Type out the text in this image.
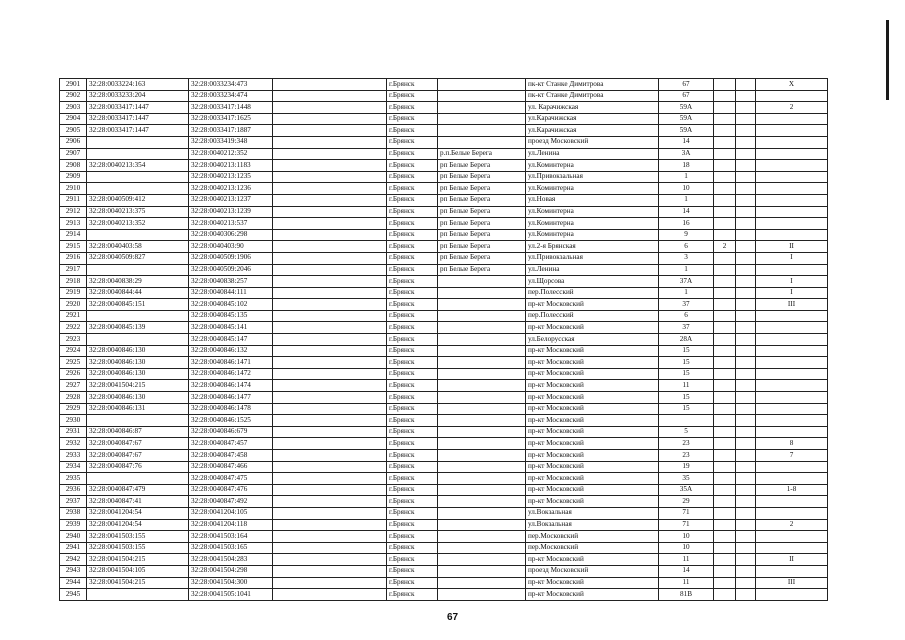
2901	32:28:0033224:163	32:28:0033234:473		г.Брянск		пк-кт Станке Димитрова	67			X
2902	32:28:0033233:204	32:28:0033234:474		г.Брянск		пк-кт Станке Димитрова	67			
2903	32:28:0033417:1447	32:28:0033417:1448		г.Брянск		ул. Карачижская	59А			2
2904	32:28:0033417:1447	32:28:0033417:1625		г.Брянск		ул.Карачижская	59А			
2905	32:28:0033417:1447	32:28:0033417:1887		г.Брянск		ул.Карачижская	59А			
2906		32:28:0033419:348		г.Брянск		проезд Московский	14			
2907		32:28:0040212:352		г.Брянск	р.п.Белые Берега	ул.Ленина	3А			
2908	32:28:0040213:354	32:28:0040213:1183		г.Брянск	рп Белые Берега	ул.Коминтерна	18			
2909		32:28:0040213:1235		г.Брянск	рп Белые Берега	ул.Привокзальная	1			
2910		32:28:0040213:1236		г.Брянск	рп Белые Берега	ул.Коминтерна	10			
2911	32:28:0040509:412	32:28:0040213:1237		г.Брянск	рп Белые Берега	ул.Новая	1			
2912	32:28:0040213:375	32:28:0040213:1239		г.Брянск	рп Белые Берега	ул.Коминтерна	14			
2913	32:28:0040213:352	32:28:0040213:537		г.Брянск	рп Белые Берега	ул.Коминтерна	16			
2914		32:28:0040306:298		г.Брянск	рп Белые Берега	ул.Коминтерна	9			
2915	32:28:0040403:58	32:28:0040403:90		г.Брянск	рп Белые Берега	ул.2-я Брянская	6	2		II
2916	32:28:0040509:827	32:28:0040509:1906		г.Брянск	рп Белые Берега	ул.Привокзальная	3			I
2917		32:28:0040509:2046		г.Брянск	рп Белые Берега	ул.Ленина	1			
2918	32:28:0040838:29	32:28:0040838:257		г.Брянск		ул.Щорсова	37А			I
2919	32:28:0040844:44	32:28:0040844:111		г.Брянск		пер.Полесский	1			I
2920	32:28:0040845:151	32:28:0040845:102		г.Брянск		пр-кт Московский	37			III
2921		32:28:0040845:135		г.Брянск		пер.Полесский	6			
2922	32:28:0040845:139	32:28:0040845:141		г.Брянск		пр-кт Московский	37			
2923		32:28:0040845:147		г.Брянск		ул.Белорусская	28А			
2924	32:28:0040846:130	32:28:0040846:132		г.Брянск		пр-кт Московский	15			
2925	32:28:0040846:130	32:28:0040846:1471		г.Брянск		пр-кт Московский	15			
2926	32:28:0040846:130	32:28:0040846:1472		г.Брянск		пр-кт Московский	15			
2927	32:28:0041504:215	32:28:0040846:1474		г.Брянск		пр-кт Московский	11			
2928	32:28:0040846:130	32:28:0040846:1477		г.Брянск		пр-кт Московский	15			
2929	32:28:0040846:131	32:28:0040846:1478		г.Брянск		пр-кт Московский	15			
2930		32:28:0040846:1525		г.Брянск		пр-кт Московский				
2931	32:28:0040846:87	32:28:0040846:679		г.Брянск		пр-кт Московский	5			
2932	32:28:0040847:67	32:28:0040847:457		г.Брянск		пр-кт Московский	23			8
2933	32:28:0040847:67	32:28:0040847:458		г.Брянск		пр-кт Московский	23			7
2934	32:28:0040847:76	32:28:0040847:466		г.Брянск		пр-кт Московский	19			
2935		32:28:0040847:475		г.Брянск		пр-кт Московский	35			
2936	32:28:0040847:479	32:28:0040847:476		г.Брянск		пр-кт Московский	35А			1-8
2937	32:28:0040847:41	32:28:0040847:492		г.Брянск		пр-кт Московский	29			
2938	32:28:0041204:54	32:28:0041204:105		г.Брянск		ул.Вокзальная	71			
2939	32:28:0041204:54	32:28:0041204:118		г.Брянск		ул.Вокзальная	71			2
2940	32:28:0041503:155	32:28:0041503:164		г.Брянск		пер.Московский	10			
2941	32:28:0041503:155	32:28:0041503:165		г.Брянск		пер.Московский	10			
2942	32:28:0041504:215	32:28:0041504:283		г.Брянск		пр-кт Московский	11			II
2943	32:28:0041504:105	32:28:0041504:298		г.Брянск		проезд Московский	14			
2944	32:28:0041504:215	32:28:0041504:300		г.Брянск		пр-кт Московский	11			III
2945		32:28:0041505:1041		г.Брянск		пр-кт Московский	81В			
67
